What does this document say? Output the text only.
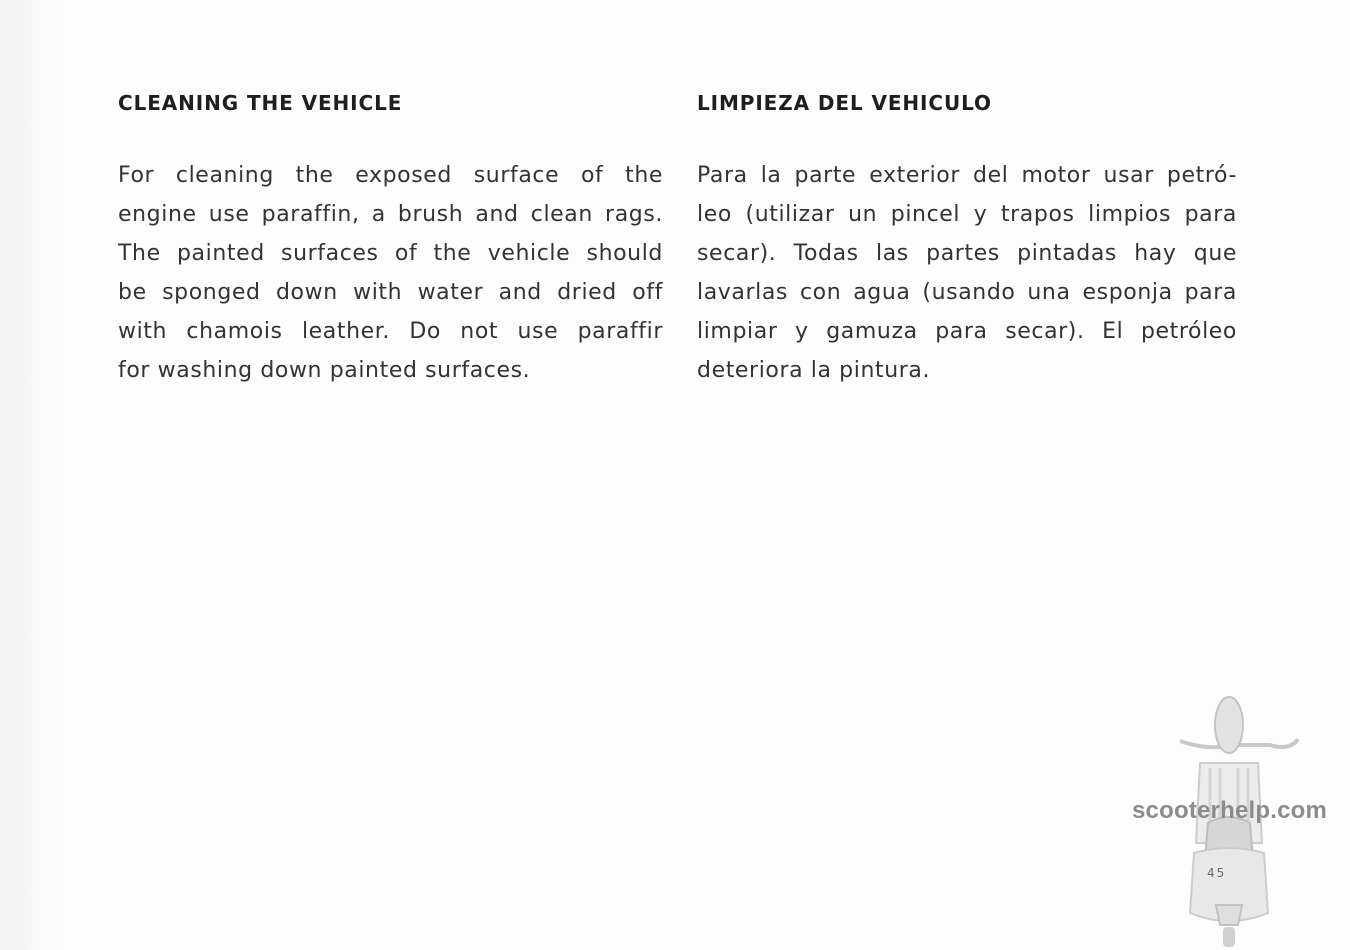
CLEANING THE VEHICLE
For cleaning the exposed surface of the
engine use paraffin, a brush and clean rags.
The painted surfaces of the vehicle should
be sponged down with water and dried off
with chamois leather. Do not use paraffir
for washing down painted surfaces.
LIMPIEZA DEL VEHICULO
Para la parte exterior del motor usar petró-
leo (utilizar un pincel y trapos limpios para
secar). Todas las partes pintadas hay que
lavarlas con agua (usando una esponja para
limpiar y gamuza para secar). El petróleo
deteriora la pintura.
scooterhelp.com
45
